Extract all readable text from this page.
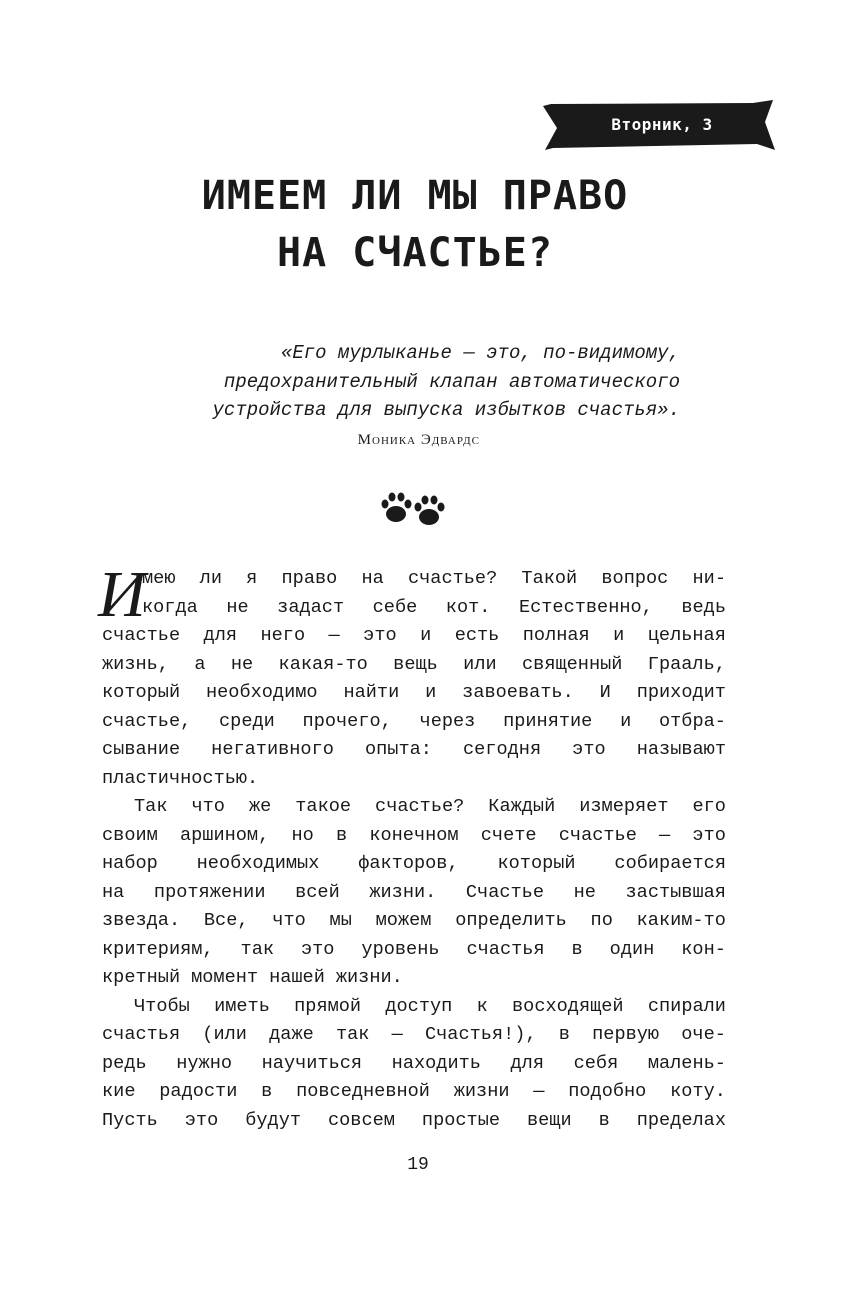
Вторник, 3
ИМЕЕМ ЛИ МЫ ПРАВО
НА СЧАСТЬЕ?
«Его мурлыканье — это, по-видимому,
предохранительный клапан автоматического
устройства для выпуска избытков счастья».
Моника Эдвардс
И
мею ли я право на счастье? Такой вопрос ни-
когда не задаст себе кот. Естественно, ведь
счастье для него — это и есть полная и цельная
жизнь, а не какая-то вещь или священный Грааль,
который необходимо найти и завоевать. И приходит
счастье, среди прочего, через принятие и отбра-
сывание негативного опыта: сегодня это называют
пластичностью.
Так что же такое счастье? Каждый измеряет его
своим аршином, но в конечном счете счастье — это
набор необходимых факторов, который собирается
на протяжении всей жизни. Счастье не застывшая
звезда. Все, что мы можем определить по каким-то
критериям, так это уровень счастья в один кон-
кретный момент нашей жизни.
Чтобы иметь прямой доступ к восходящей спирали
счастья (или даже так — Счастья!), в первую оче-
редь нужно научиться находить для себя малень-
кие радости в повседневной жизни — подобно коту.
Пусть это будут совсем простые вещи в пределах
19
